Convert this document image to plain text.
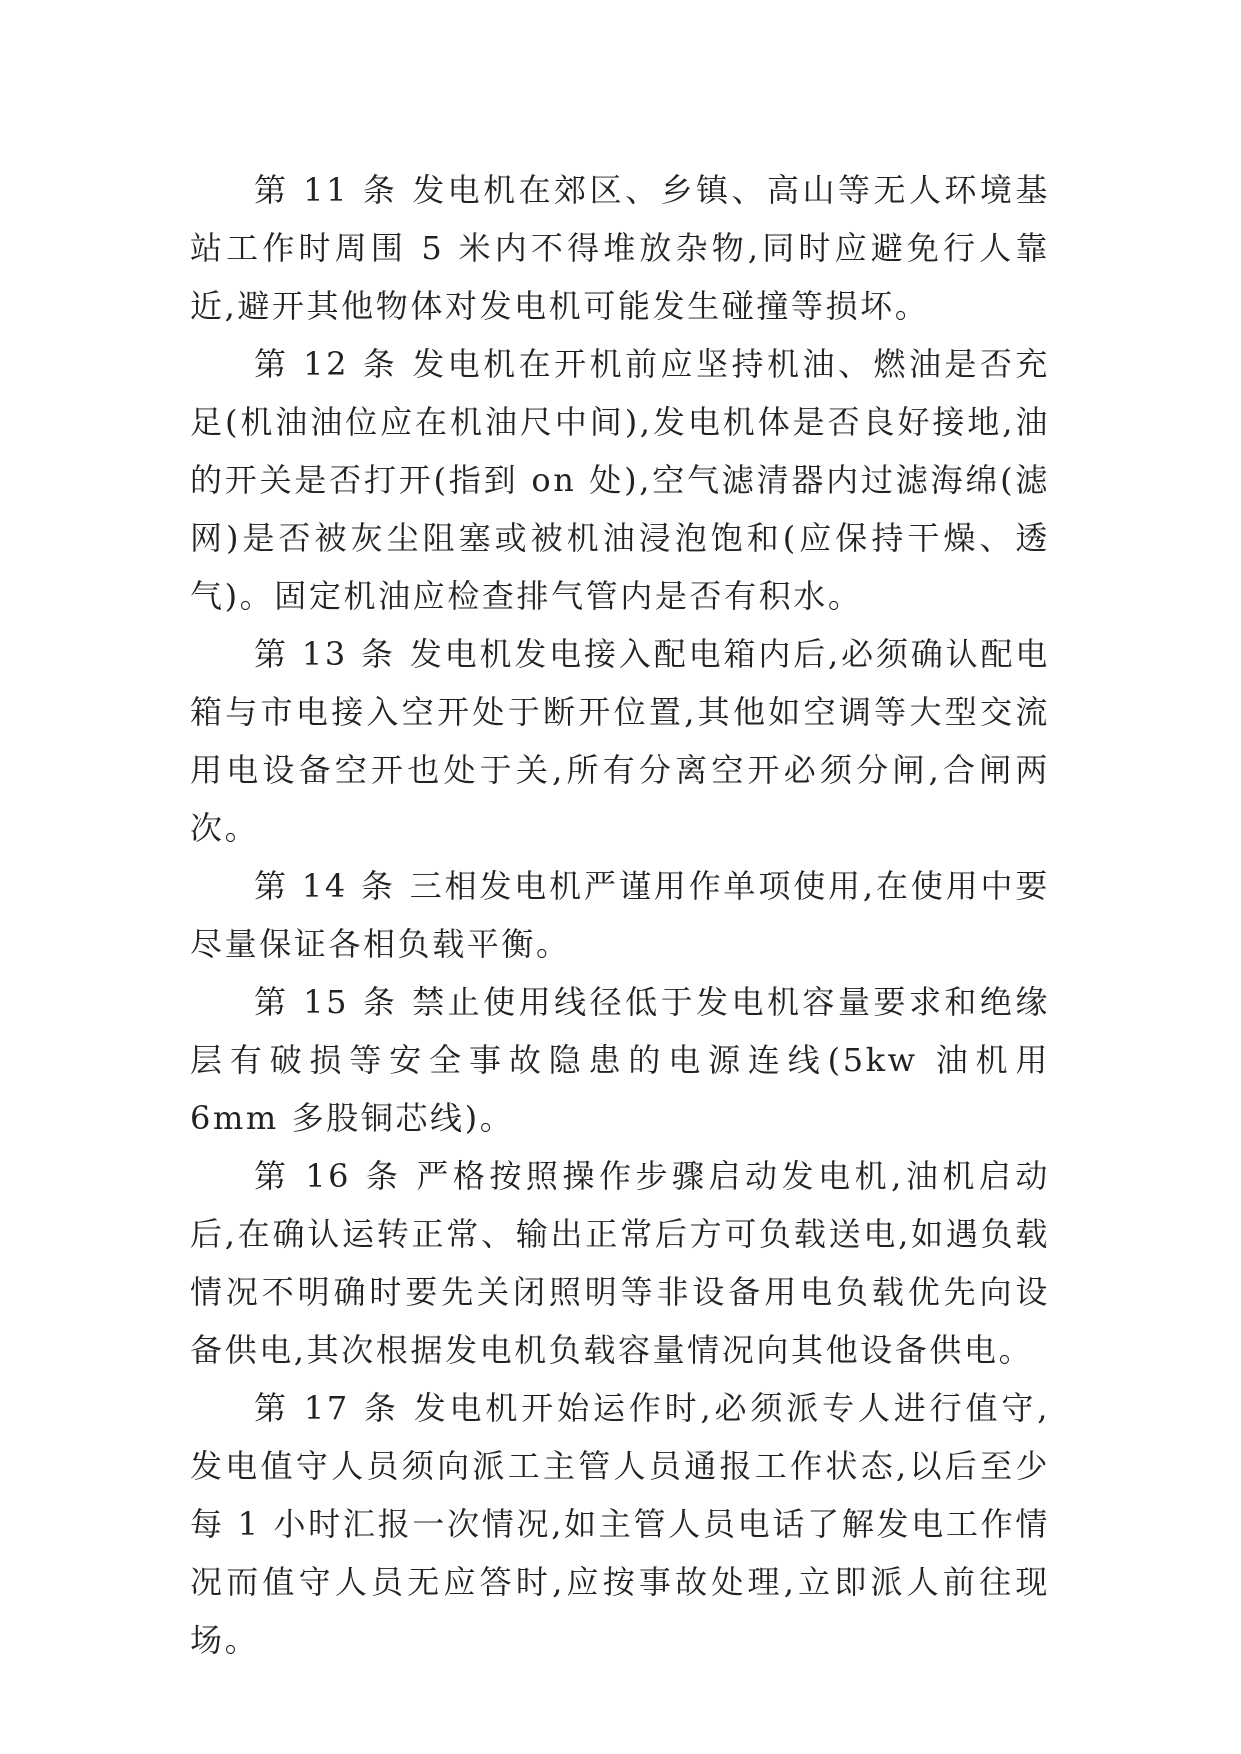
第 11 条 发电机在郊区、乡镇、高山等无人环境基站工作时周围 5 米内不得堆放杂物,同时应避免行人靠近,避开其他物体对发电机可能发生碰撞等损坏。

第 12 条 发电机在开机前应坚持机油、燃油是否充足(机油油位应在机油尺中间),发电机体是否良好接地,油的开关是否打开(指到 on 处),空气滤清器内过滤海绵(滤网)是否被灰尘阻塞或被机油浸泡饱和(应保持干燥、透气)。固定机油应检查排气管内是否有积水。

第 13 条 发电机发电接入配电箱内后,必须确认配电箱与市电接入空开处于断开位置,其他如空调等大型交流用电设备空开也处于关,所有分离空开必须分闸,合闸两次。

第 14 条 三相发电机严谨用作单项使用,在使用中要尽量保证各相负载平衡。

第 15 条 禁止使用线径低于发电机容量要求和绝缘层有破损等安全事故隐患的电源连线(5kw 油机用 6mm 多股铜芯线)。

第 16 条 严格按照操作步骤启动发电机,油机启动后,在确认运转正常、输出正常后方可负载送电,如遇负载情况不明确时要先关闭照明等非设备用电负载优先向设备供电,其次根据发电机负载容量情况向其他设备供电。

第 17 条 发电机开始运作时,必须派专人进行值守,发电值守人员须向派工主管人员通报工作状态,以后至少每 1 小时汇报一次情况,如主管人员电话了解发电工作情况而值守人员无应答时,应按事故处理,立即派人前往现场。
